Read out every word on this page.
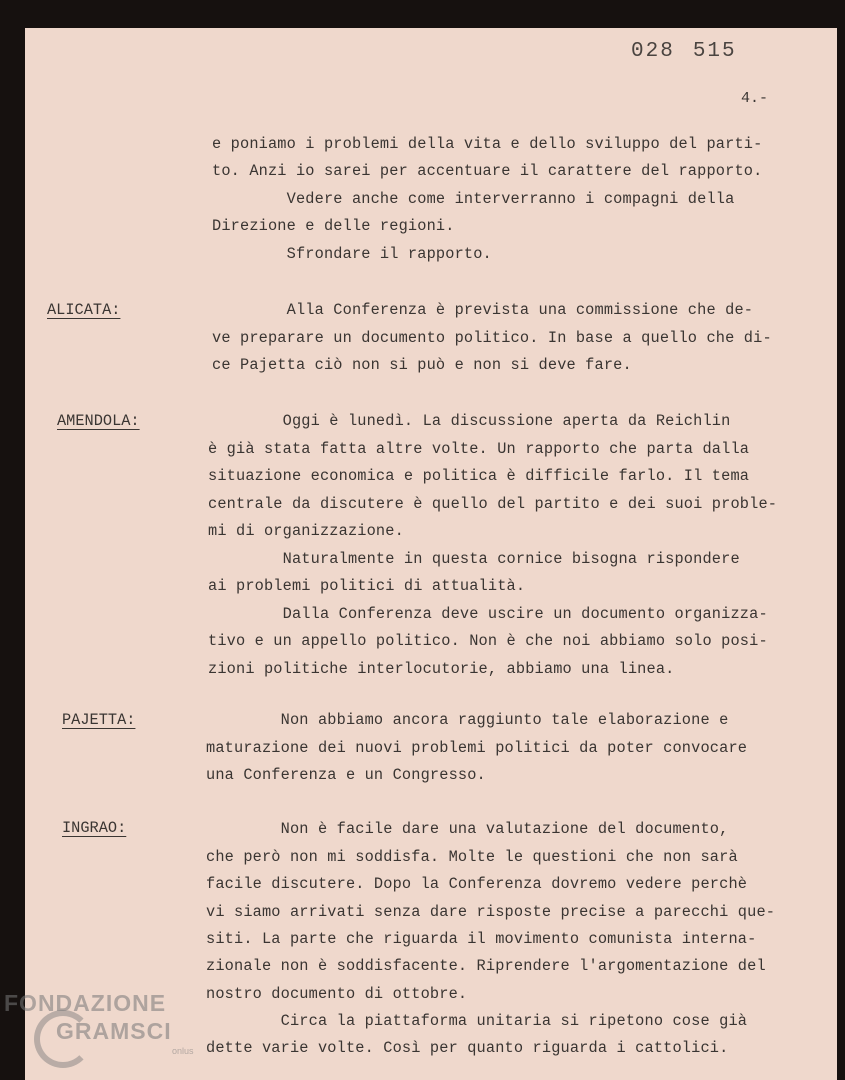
028 515
4.-
e poniamo i problemi della vita e dello sviluppo del parti-
to. Anzi io sarei per accentuare il carattere del rapporto.
Vedere anche come interverranno i compagni della
Direzione e delle regioni.
Sfrondare il rapporto.
ALICATA:	Alla Conferenza è prevista una commissione che de-
ve preparare un documento politico. In base a quello che di-
ce Pajetta ciò non si può e non si deve fare.
AMENDOLA:	Oggi è lunedì. La discussione aperta da Reichlin
è già stata fatta altre volte. Un rapporto che parta dalla
situazione economica e politica è difficile farlo. Il tema
centrale da discutere è quello del partito e dei suoi proble-
mi di organizzazione.
Naturalmente in questa cornice bisogna rispondere
ai problemi politici di attualità.
Dalla Conferenza deve uscire un documento organizza-
tivo e un appello politico. Non è che noi abbiamo solo posi-
zioni politiche interlocutorie, abbiamo una linea.
PAJETTA:	Non abbiamo ancora raggiunto tale elaborazione e
maturazione dei nuovi problemi politici da poter convocare
una Conferenza e un Congresso.
INGRAO:	Non è facile dare una valutazione del documento,
che però non mi soddisfa. Molte le questioni che non sarà
facile discutere. Dopo la Conferenza dovremo vedere perchè
vi siamo arrivati senza dare risposte precise a parecchi que-
siti. La parte che riguarda il movimento comunista interna-
zionale non è soddisfacente. Riprendere l'argomentazione del
nostro documento di ottobre.
Circa la piattaforma unitaria si ripetono cose già
dette varie volte. Così per quanto riguarda i cattolici.
FONDAZIONE
GRAMSCI
onlus
